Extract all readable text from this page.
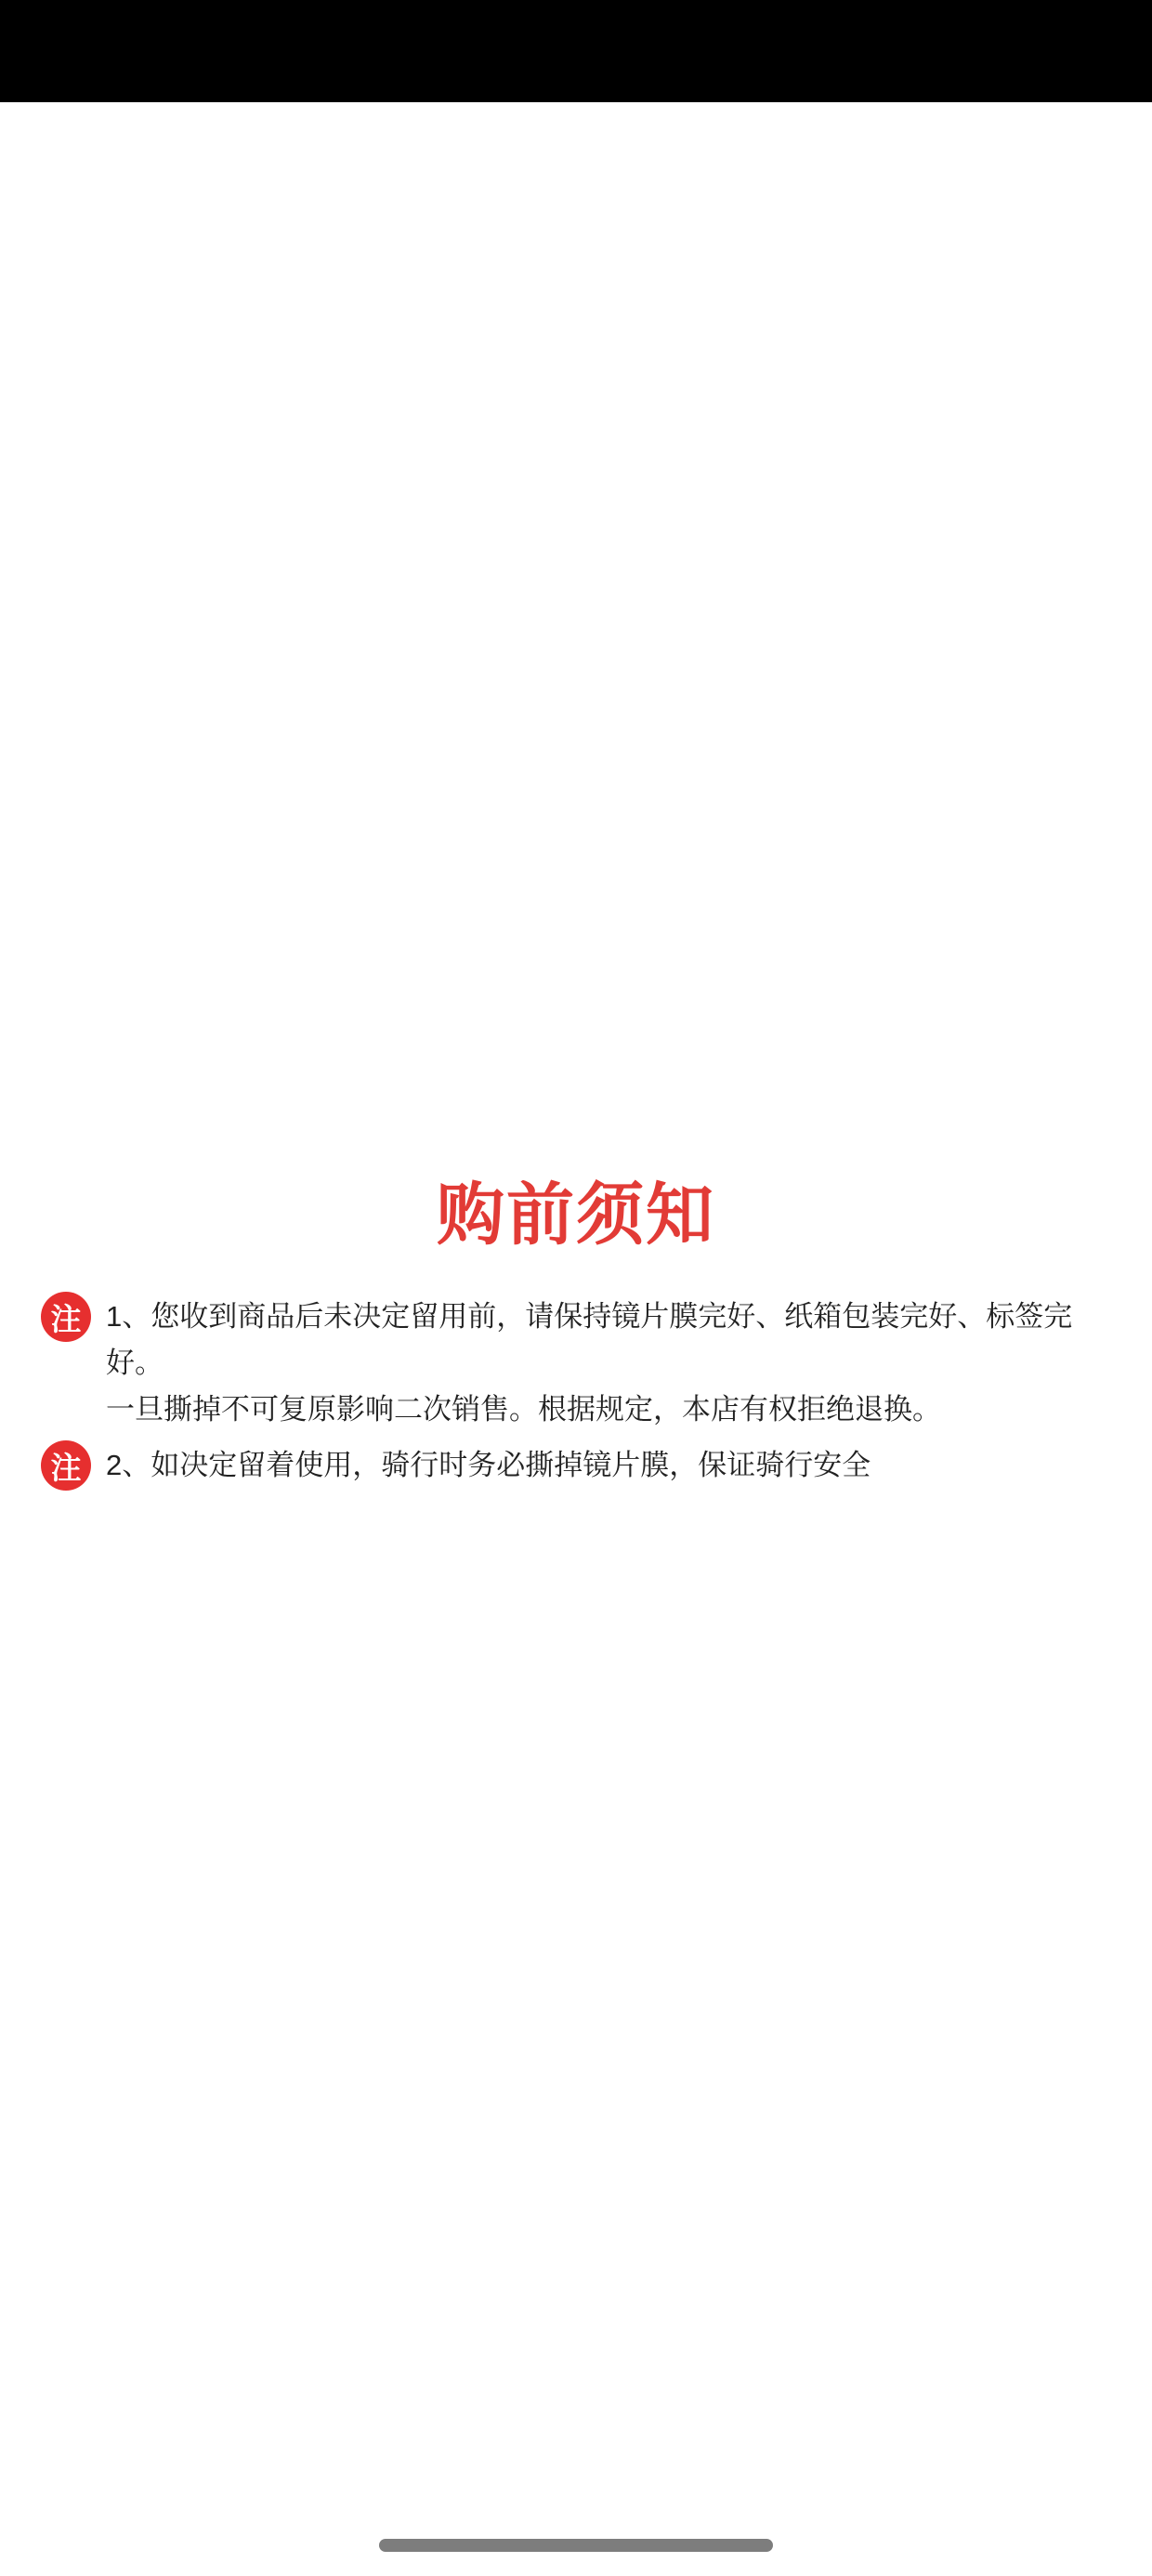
购前须知
注 1、您收到商品后未决定留用前，请保持镜片膜完好、纸箱包装完好、标签完好。
一旦撕掉不可复原影响二次销售。根据规定，本店有权拒绝退换。
注 2、如决定留着使用，骑行时务必撕掉镜片膜，保证骑行安全
